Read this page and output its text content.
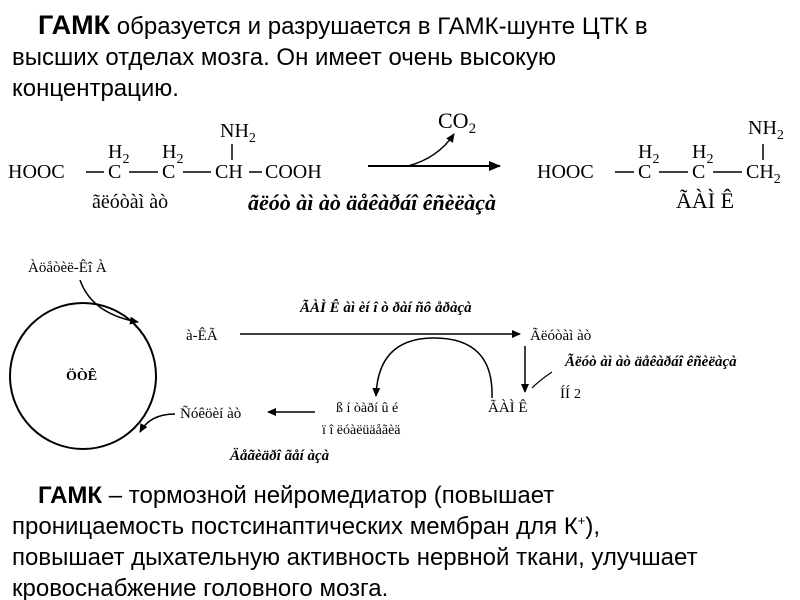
ГАМК образуется и разрушается в ГАМК-шунте ЦТК в
высших отделах мозга. Он имеет очень высокую
концентрацию.
HOOC C
$H_2$
C
$H_2$
CH
$NH_2$
COOH
ãëóòàì àò
$CO_2$
ãëóò àì àò äåêàðáî êñèëàçà
HOOC C
$H_2$
C
$H_2$
$CH_2$
$NH_2$
ÃÀÌ Ê
ÖÒÊ
Àöåòèë-Êî À
à-ÊÃ
ÃÀÌ Ê àì èí î ò ðàí ñô åðàçà
Ãëóòàì àò
Ãëóò àì àò äåêàðáî êñèëàçà
ÍÍ 2
ÃÀÌ Ê
ß í òàðí û é
ï î ëóàëüäåãèä
Ñóêöèí àò
Äåãèäðî ãåí àçà
ГАМК – тормозной нейромедиатор (повышает
проницаемость постсинаптических мембран для К+),
повышает дыхательную активность нервной ткани, улучшает
кровоснабжение головного мозга.
